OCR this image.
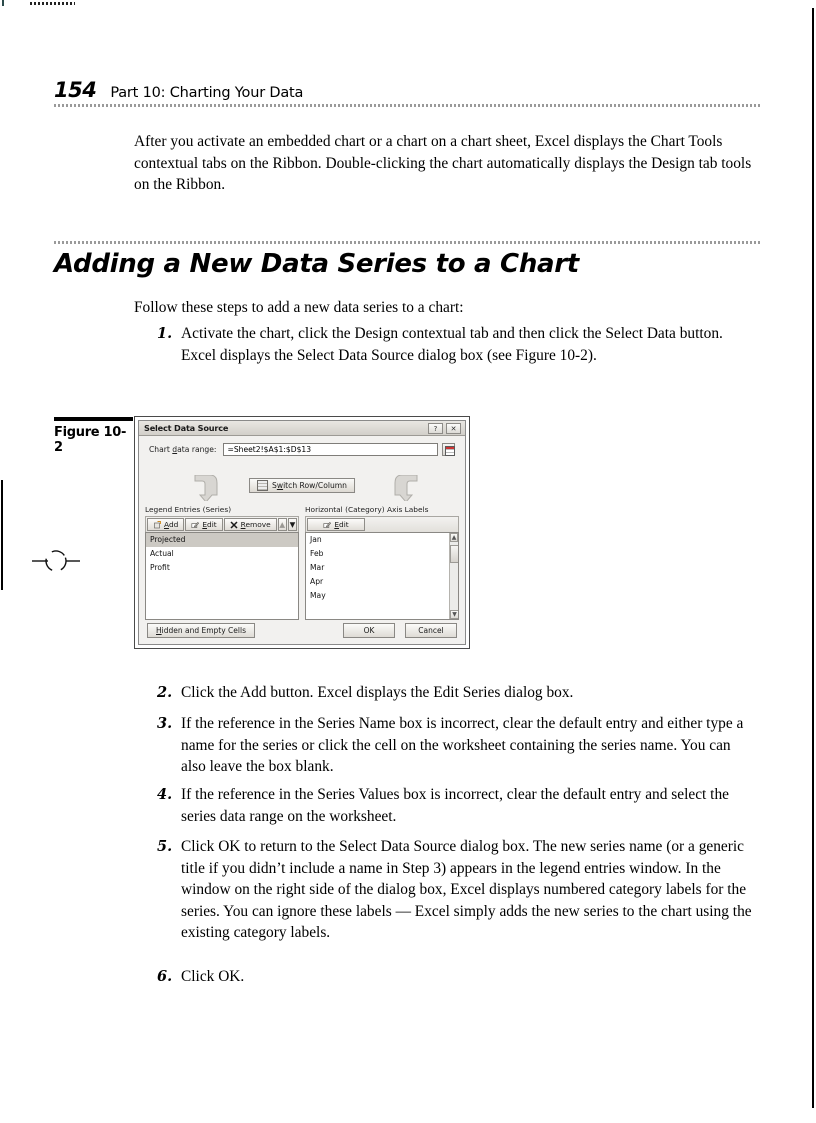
154 Part 10: Charting Your Data
After you activate an embedded chart or a chart on a chart sheet, Excel displays the Chart Tools contextual tabs on the Ribbon. Double-clicking the chart automatically displays the Design tab tools on the Ribbon.
Adding a New Data Series to a Chart
Follow these steps to add a new data series to a chart:
1. Activate the chart, click the Design contextual tab and then click the Select Data button. Excel displays the Select Data Source dialog box (see Figure 10-2).
Figure 10-2
Select Data Source	?	✕
Chart data range:	=Sheet2!$A$1:$D$13
Switch Row/Column
Legend Entries (Series)
Add	Edit	Remove ▲ ▼
Projected
Actual
Profit
Horizontal (Category) Axis Labels
Edit
Jan
Feb
Mar
Apr
May
▲
▼
H idden and Empty Cells	OK	Cancel
2. Click the Add button. Excel displays the Edit Series dialog box.
3. If the reference in the Series Name box is incorrect, clear the default entry and either type a name for the series or click the cell on the worksheet containing the series name. You can also leave the box blank.
4. If the reference in the Series Values box is incorrect, clear the default entry and select the series data range on the worksheet.
5. Click OK to return to the Select Data Source dialog box. The new series name (or a generic title if you didn’t include a name in Step 3) appears in the legend entries window. In the window on the right side of the dialog box, Excel displays numbered category labels for the series. You can ignore these labels — Excel simply adds the new series to the chart using the existing category labels.
6. Click OK.
